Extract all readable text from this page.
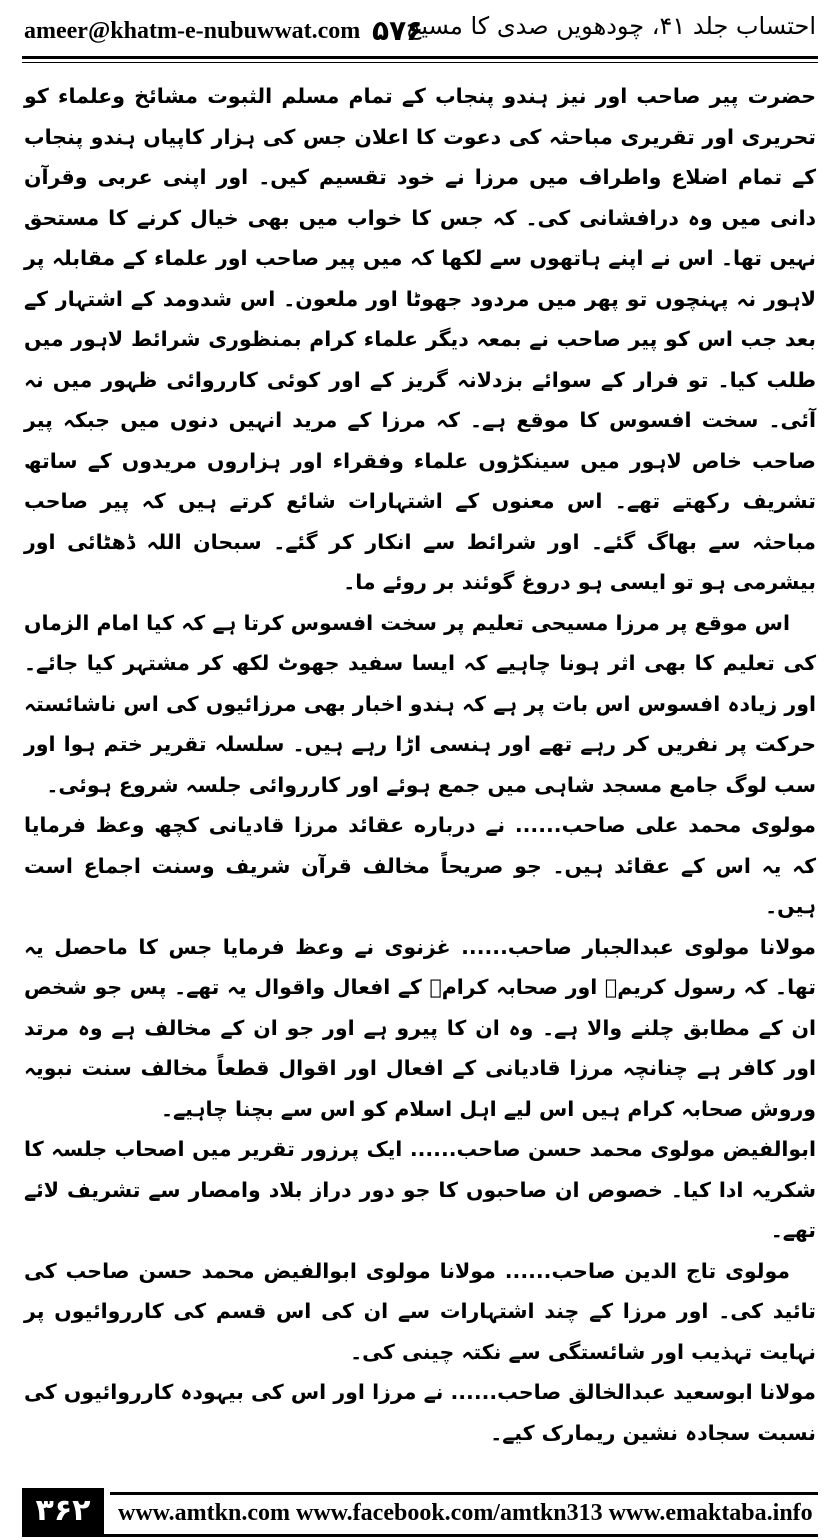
ameer@khatm-e-nubuwwat.com ۵۷۶
احتساب جلد ۴۱، چودھویں صدی کا مسیح

حضرت پیر صاحب اور نیز ہندو پنجاب کے تمام مسلم الثبوت مشائخ وعلماء کو تحریری اور تقریری مباحثہ کی دعوت کا اعلان جس کی ہزار کاپیاں ہندو پنجاب کے تمام اضلاع واطراف میں مرزا نے خود تقسیم کیں۔ اور اپنی عربی وقرآن دانی میں وہ درافشانی کی۔ کہ جس کا خواب میں بھی خیال کرنے کا مستحق نہیں تھا۔ اس نے اپنے ہاتھوں سے لکھا کہ میں پیر صاحب اور علماء کے مقابلہ پر لاہور نہ پہنچوں تو پھر میں مردود جھوٹا اور ملعون۔ اس شدومد کے اشتہار کے بعد جب اس کو پیر صاحب نے بمعہ دیگر علماء کرام بمنظوری شرائط لاہور میں طلب کیا۔ تو فرار کے سوائے بزدلانہ گریز کے اور کوئی کارروائی ظہور میں نہ آئی۔ سخت افسوس کا موقع ہے۔ کہ مرزا کے مرید انہیں دنوں میں جبکہ پیر صاحب خاص لاہور میں سینکڑوں علماء وفقراء اور ہزاروں مریدوں کے ساتھ تشریف رکھتے تھے۔ اس معنوں کے اشتہارات شائع کرتے ہیں کہ پیر صاحب مباحثہ سے بھاگ گئے۔ اور شرائط سے انکار کر گئے۔ سبحان اللہ ڈھٹائی اور بیشرمی ہو تو ایسی ہو دروغ گوئند بر روئے ما۔

اس موقع پر مرزا مسیحی تعلیم پر سخت افسوس کرتا ہے کہ کیا امام الزماں کی تعلیم کا بھی اثر ہونا چاہیے کہ ایسا سفید جھوٹ لکھ کر مشتہر کیا جائے۔ اور زیادہ افسوس اس بات پر ہے کہ ہندو اخبار بھی مرزائیوں کی اس ناشائستہ حرکت پر نفریں کر رہے تھے اور ہنسی اڑا رہے ہیں۔ سلسلہ تقریر ختم ہوا اور سب لوگ جامع مسجد شاہی میں جمع ہوئے اور کارروائی جلسہ شروع ہوئی۔

مولوی محمد علی صاحب...... نے درباره عقائد مرزا قادیانی کچھ وعظ فرمایا کہ یہ اس کے عقائد ہیں۔ جو صریحاً مخالف قرآن شریف وسنت اجماع است ہیں۔

مولانا مولوی عبدالجبار صاحب...... غزنوی نے وعظ فرمایا جس کا ماحصل یہ تھا۔ کہ رسول کریمؐ اور صحابہ کرامؓ کے افعال واقوال یہ تھے۔ پس جو شخص ان کے مطابق چلنے والا ہے۔ وہ ان کا پیرو ہے اور جو ان کے مخالف ہے وہ مرتد اور کافر ہے چنانچہ مرزا قادیانی کے افعال اور اقوال قطعاً مخالف سنت نبویہ وروش صحابہ کرام ہیں اس لیے اہل اسلام کو اس سے بچنا چاہیے۔

ابوالفیض مولوی محمد حسن صاحب...... ایک پرزور تقریر میں اصحاب جلسہ کا شکریہ ادا کیا۔ خصوص ان صاحبوں کا جو دور دراز بلاد وامصار سے تشریف لائے تھے۔

مولوی تاج الدین صاحب...... مولانا مولوی ابوالفیض محمد حسن صاحب کی تائید کی۔ اور مرزا کے چند اشتہارات سے ان کی اس قسم کی کارروائیوں پر نہایت تہذیب اور شائستگی سے نکتہ چینی کی۔

مولانا ابوسعید عبدالخالق صاحب...... نے مرزا اور اس کی بیہودہ کارروائیوں کی نسبت سجادہ نشین ریمارک کیے۔

۳۶۲	www.amtkn.com www.facebook.com/amtkn313 www.emaktaba.info
